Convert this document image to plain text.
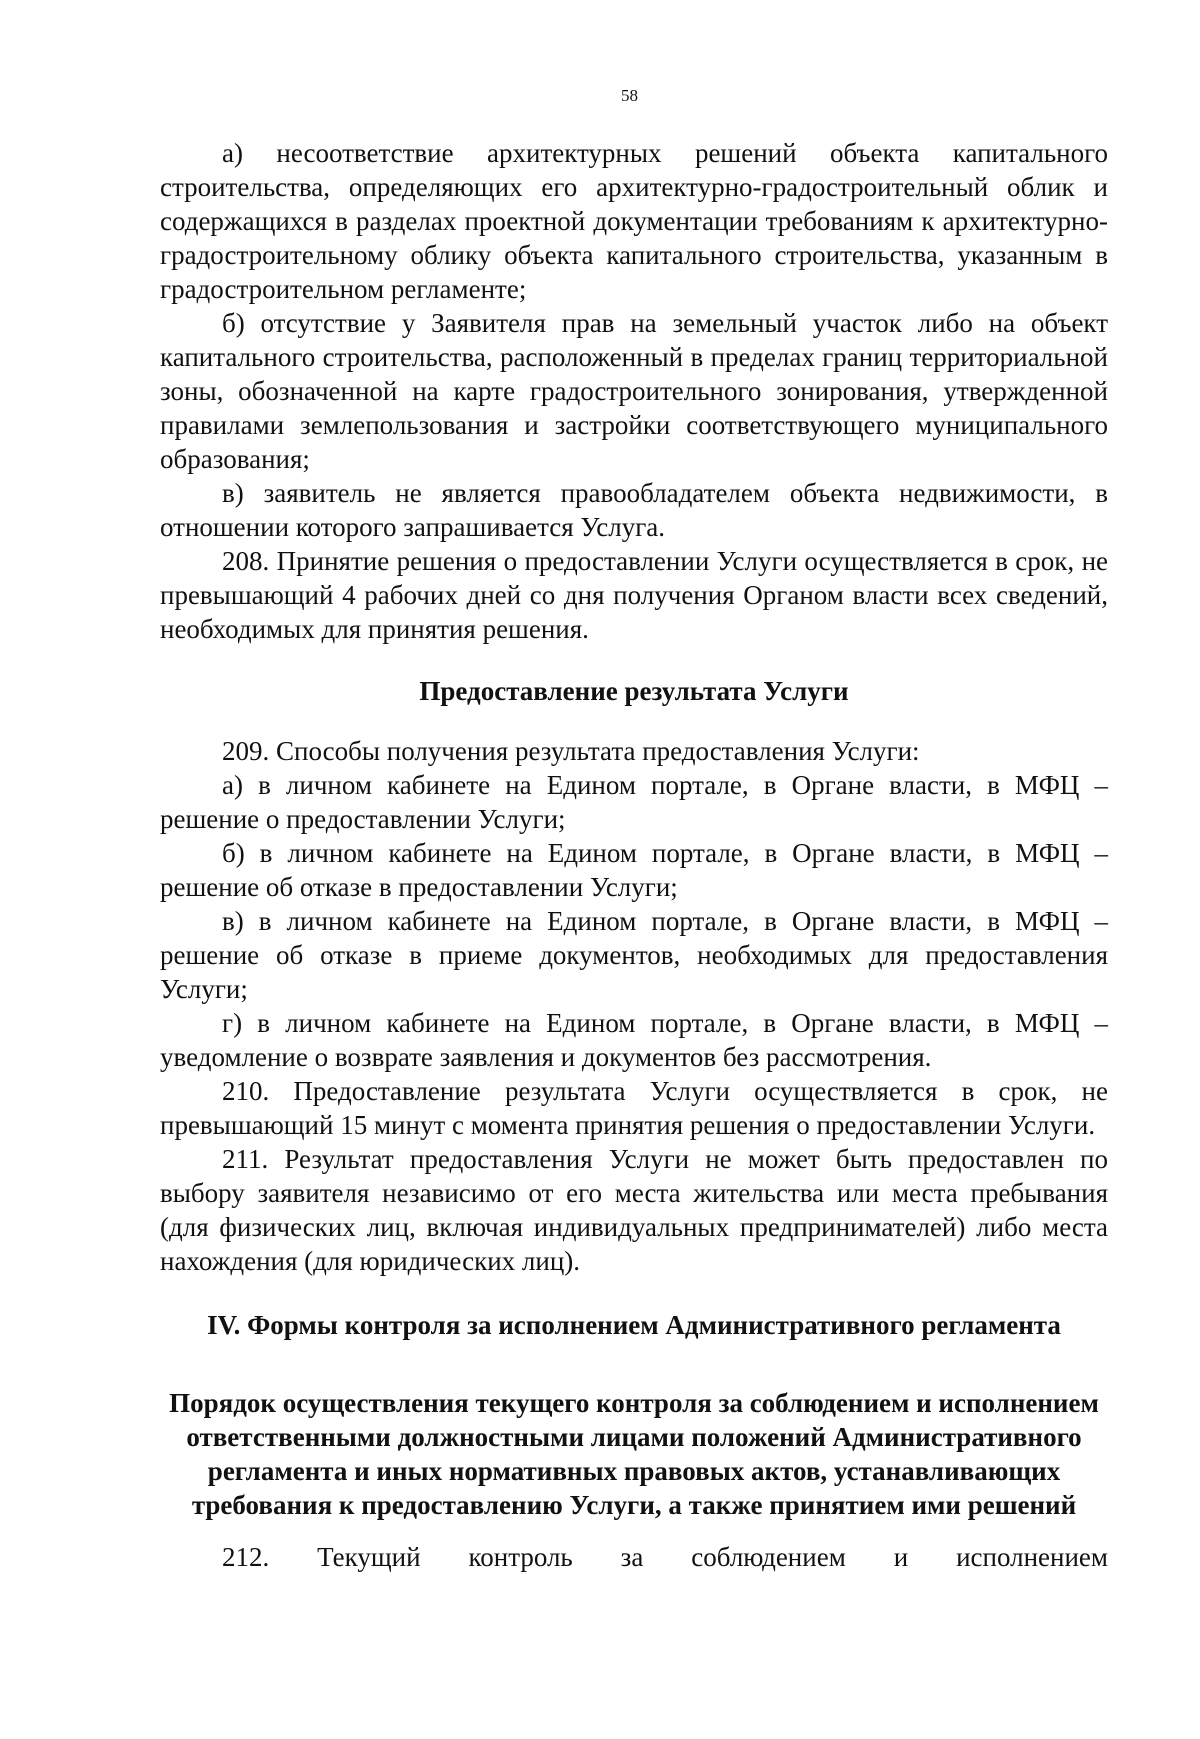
58

а) несоответствие архитектурных решений объекта капитального строительства, определяющих его архитектурно-градостроительный облик и содержащихся в разделах проектной документации требованиям к архитектурно-градостроительному облику объекта капитального строительства, указанным в градостроительном регламенте;

б) отсутствие у Заявителя прав на земельный участок либо на объект капитального строительства, расположенный в пределах границ территориальной зоны, обозначенной на карте градостроительного зонирования, утвержденной правилами землепользования и застройки соответствующего муниципального образования;

в) заявитель не является правообладателем объекта недвижимости, в отношении которого запрашивается Услуга.

208. Принятие решения о предоставлении Услуги осуществляется в срок, не превышающий 4 рабочих дней со дня получения Органом власти всех сведений, необходимых для принятия решения.

Предоставление результата Услуги

209. Способы получения результата предоставления Услуги:

а) в личном кабинете на Едином портале, в Органе власти, в МФЦ – решение о предоставлении Услуги;

б) в личном кабинете на Едином портале, в Органе власти, в МФЦ – решение об отказе в предоставлении Услуги;

в) в личном кабинете на Едином портале, в Органе власти, в МФЦ – решение об отказе в приеме документов, необходимых для предоставления Услуги;

г) в личном кабинете на Едином портале, в Органе власти, в МФЦ – уведомление о возврате заявления и документов без рассмотрения.

210. Предоставление результата Услуги осуществляется в срок, не превышающий 15 минут с момента принятия решения о предоставлении Услуги.

211. Результат предоставления Услуги не может быть предоставлен по выбору заявителя независимо от его места жительства или места пребывания (для физических лиц, включая индивидуальных предпринимателей) либо места нахождения (для юридических лиц).

IV. Формы контроля за исполнением Административного регламента
Порядок осуществления текущего контроля за соблюдением и исполнением ответственными должностными лицами положений Административного регламента и иных нормативных правовых актов, устанавливающих требования к предоставлению Услуги, а также принятием ими решений

212. Текущий контроль за соблюдением и исполнением
